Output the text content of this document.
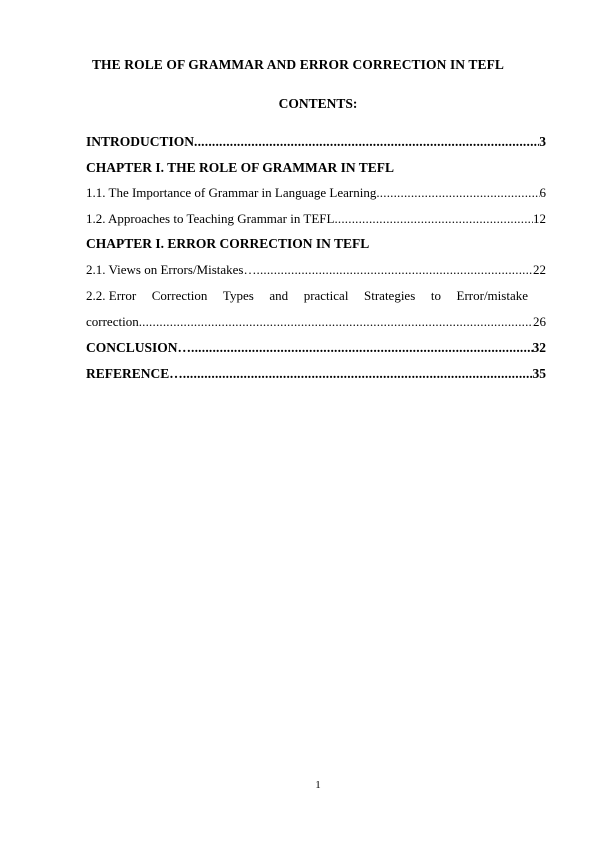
THE ROLE OF GRAMMAR AND ERROR CORRECTION IN TEFL
CONTENTS:
INTRODUCTION .....	3
CHAPTER I. THE ROLE OF GRAMMAR IN TEFL
1.1. The Importance of Grammar in Language Learning .....	6
1.2. Approaches to Teaching Grammar in TEFL .....	12
CHAPTER I. ERROR CORRECTION IN TEFL
2.1. Views on Errors/Mistakes… .....	22
2.2. Error Correction Types and practical Strategies to Error/mistake
correction .....	26
CONCLUSION… .....	32
REFERENCE… .....	35
1
